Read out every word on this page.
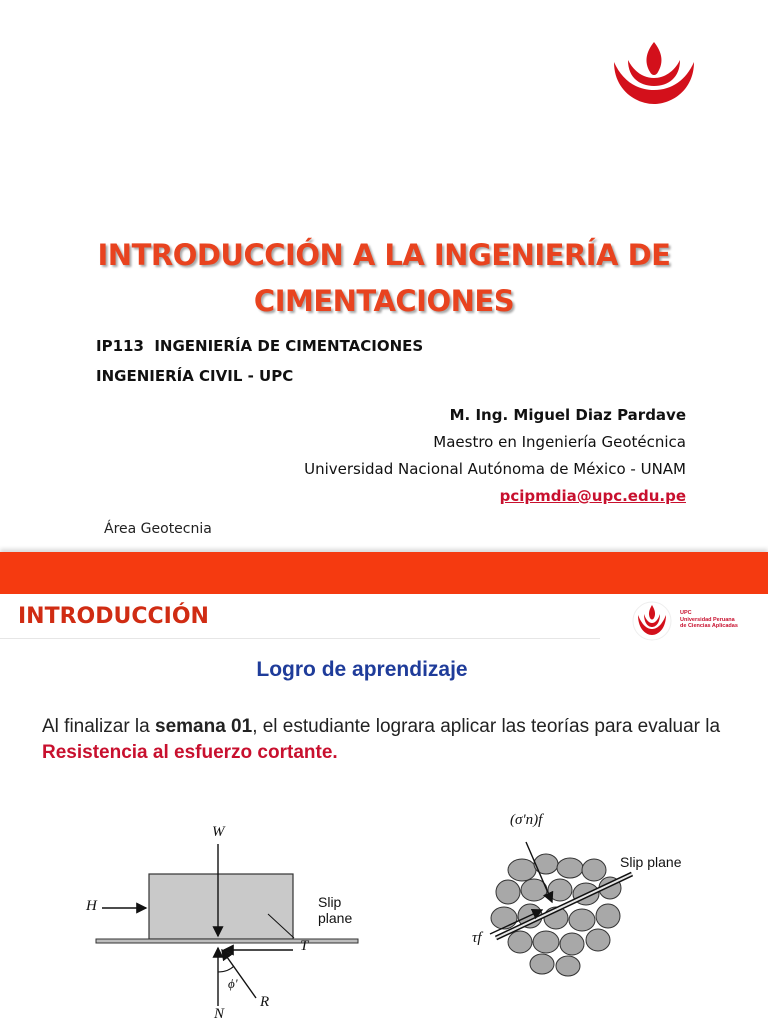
INTRODUCCIÓN A LA INGENIERÍA DE
CIMENTACIONES
IP113  INGENIERÍA DE CIMENTACIONES
INGENIERÍA CIVIL - UPC
M. Ing. Miguel Diaz Pardave
Maestro en Ingeniería Geotécnica
Universidad Nacional Autónoma de México - UNAM
pcipmdia@upc.edu.pe
Área Geotecnia
INTRODUCCIÓN	UPC
Universidad Peruana
de Ciencias Aplicadas
Logro de aprendizaje
Al finalizar la semana 01, el estudiante lograra aplicar las teorías para evaluar la Resistencia al esfuerzo cortante.
W
H
T
N
R
ϕ'
Slip plane
(σ'n)f
τf
Slip plane
